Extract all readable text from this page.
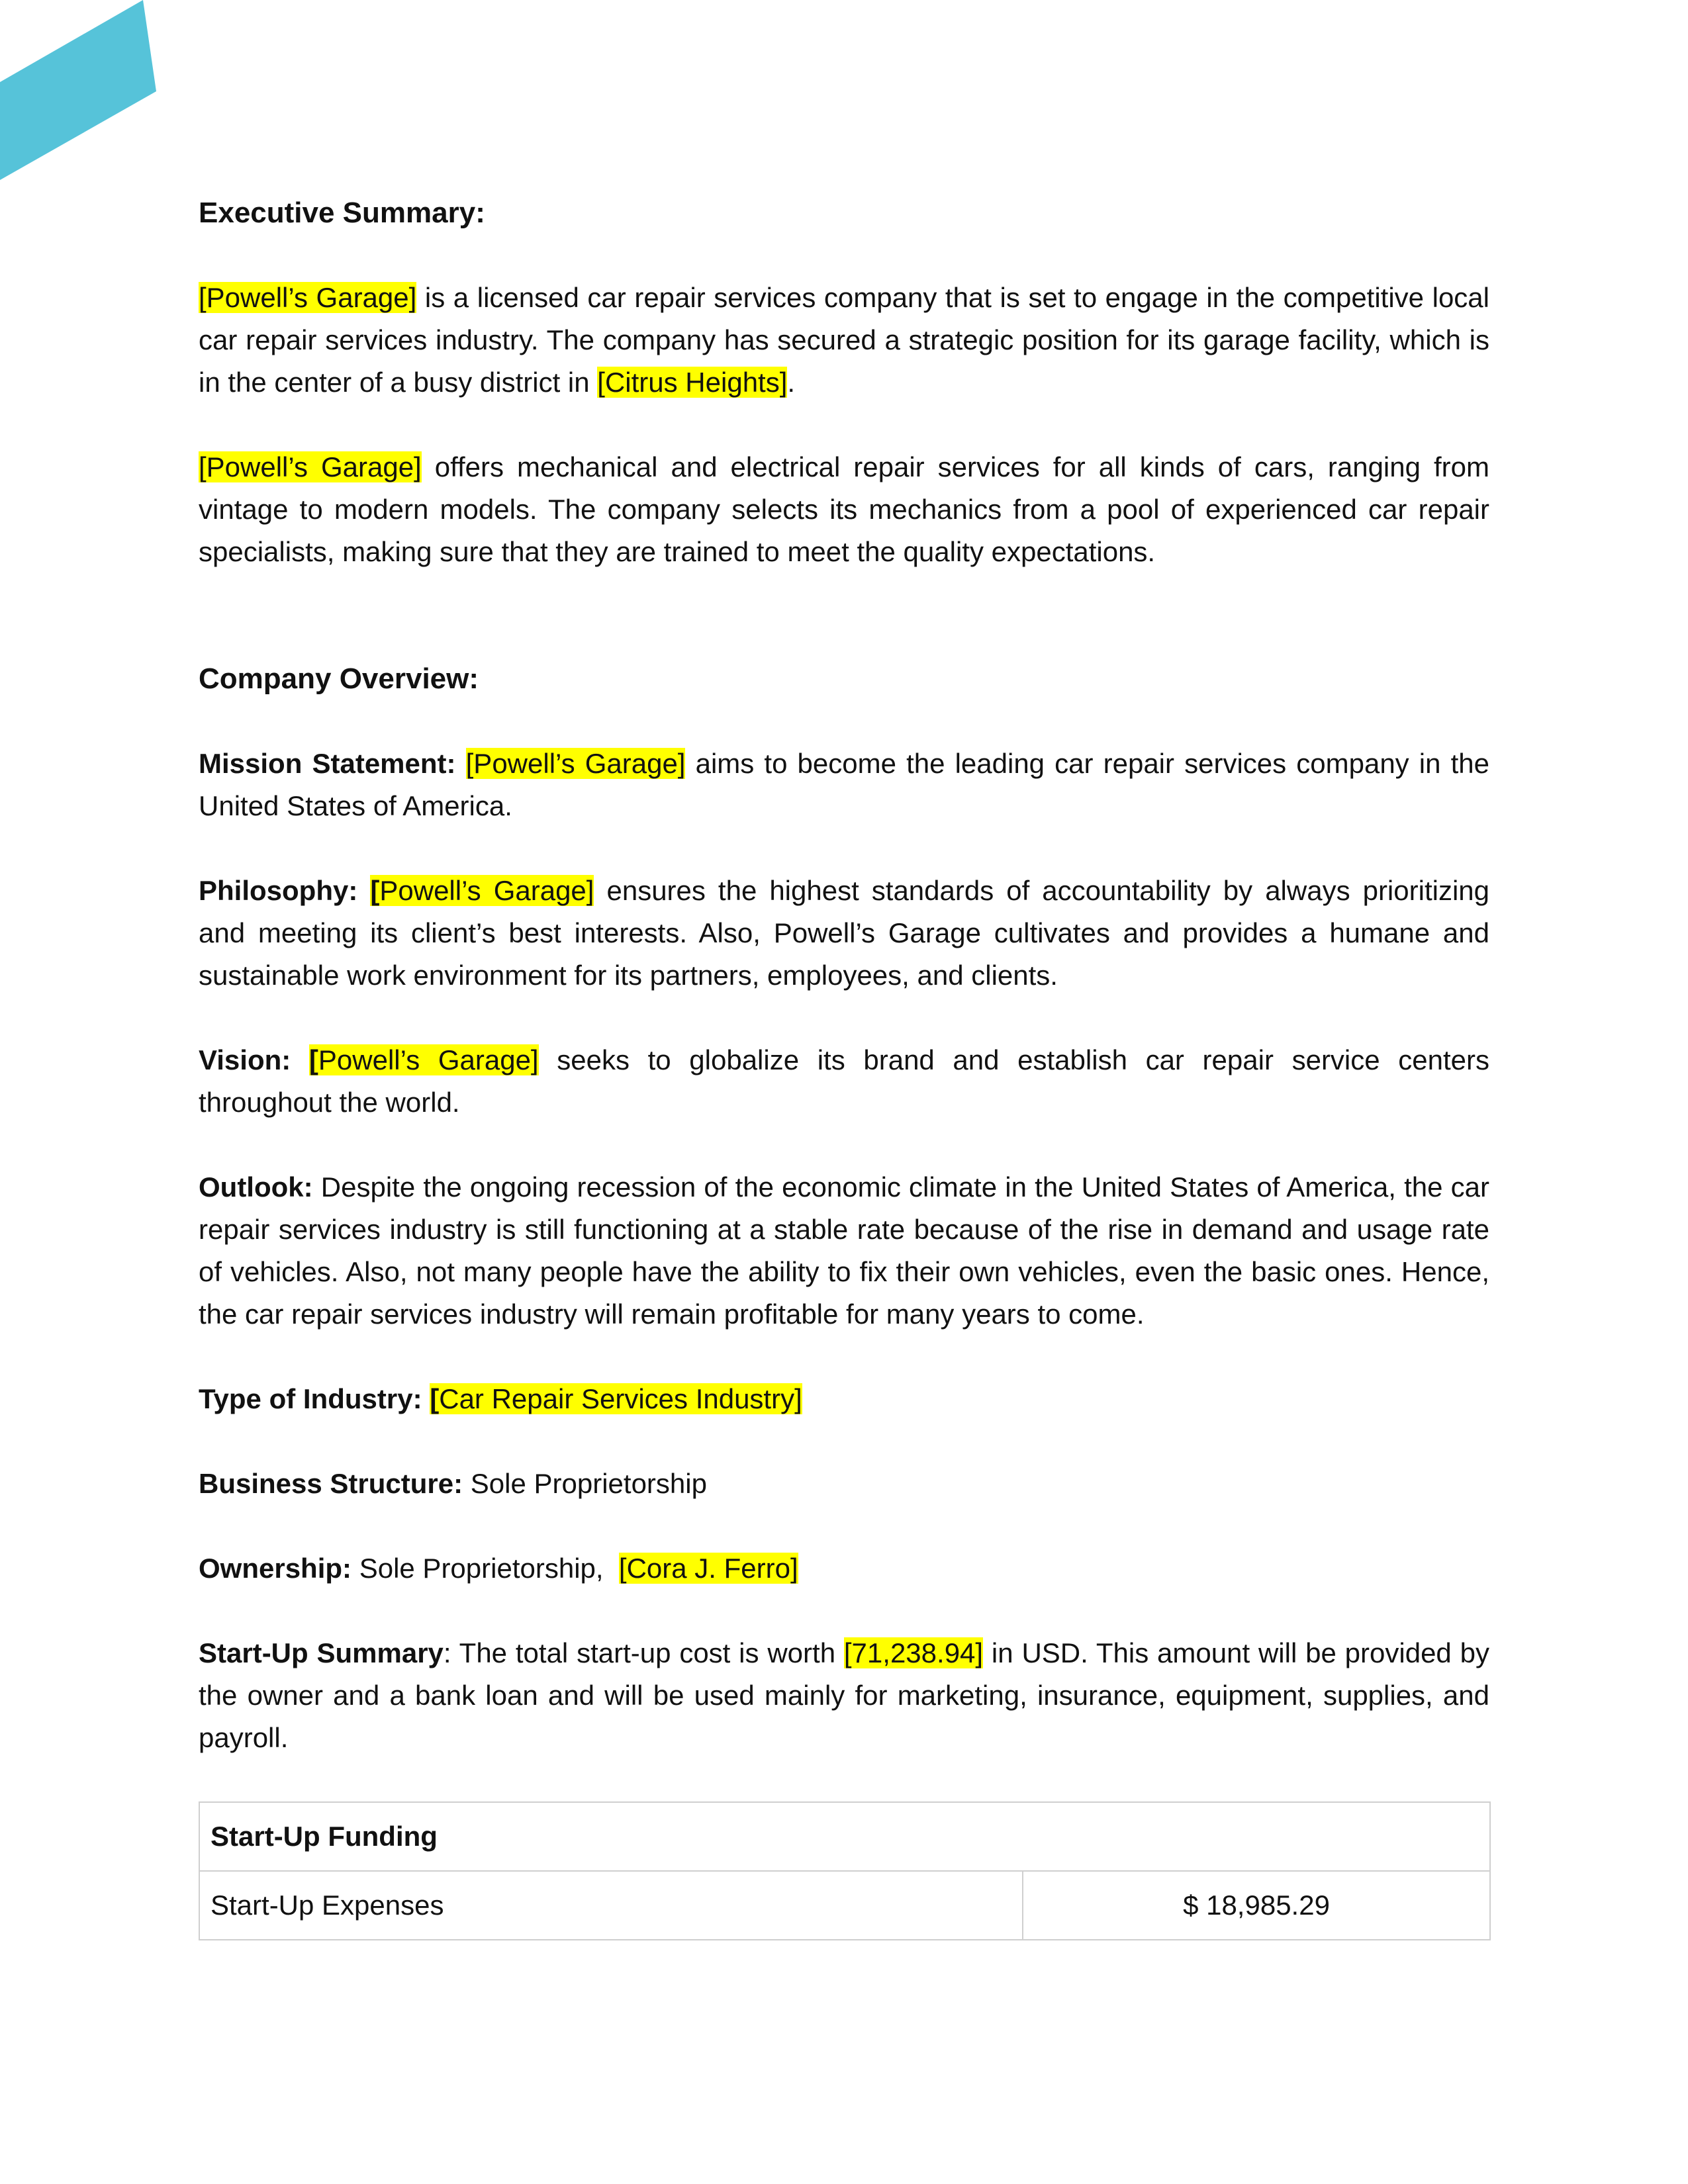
Executive Summary:

[Powell’s Garage] is a licensed car repair services company that is set to engage in the competitive local car repair services industry. The company has secured a strategic position for its garage facility, which is in the center of a busy district in [Citrus Heights].

[Powell’s Garage] offers mechanical and electrical repair services for all kinds of cars, ranging from vintage to modern models. The company selects its mechanics from a pool of experienced car repair specialists, making sure that they are trained to meet the quality expectations.

Company Overview:

Mission Statement: [Powell’s Garage] aims to become the leading car repair services company in the United States of America.

Philosophy: [Powell’s Garage] ensures the highest standards of accountability by always prioritizing and meeting its client’s best interests. Also, Powell’s Garage cultivates and provides a humane and sustainable work environment for its partners, employees, and clients.

Vision: [Powell’s Garage] seeks to globalize its brand and establish car repair service centers throughout the world.

Outlook: Despite the ongoing recession of the economic climate in the United States of America, the car repair services industry is still functioning at a stable rate because of the rise in demand and usage rate of vehicles. Also, not many people have the ability to fix their own vehicles, even the basic ones. Hence, the car repair services industry will remain profitable for many years to come.

Type of Industry: [Car Repair Services Industry]

Business Structure: Sole Proprietorship

Ownership: Sole Proprietorship,  [Cora J. Ferro]

Start-Up Summary: The total start-up cost is worth [71,238.94] in USD. This amount will be provided by the owner and a bank loan and will be used mainly for marketing, insurance, equipment, supplies, and payroll.

Start-Up Funding
Start-Up Expenses	$ 18,985.29
